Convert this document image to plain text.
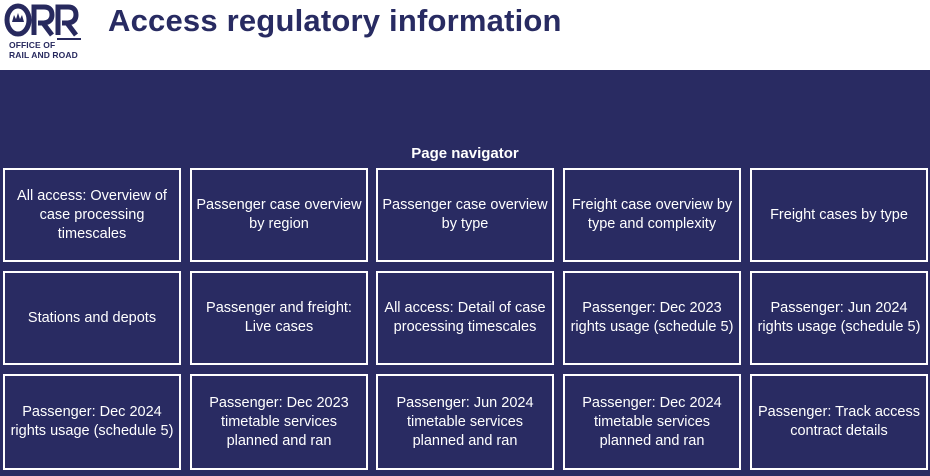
OFFICE OF
RAIL AND ROAD
Access regulatory information
Page navigator
All access: Overview of case processing timescales
Passenger case overview by region
Passenger case overview by type
Freight case overview by type and complexity
Freight cases by type
Stations and depots
Passenger and freight: Live cases
All access: Detail of case processing timescales
Passenger: Dec 2023 rights usage (schedule 5)
Passenger: Jun 2024 rights usage (schedule 5)
Passenger: Dec 2024 rights usage (schedule 5)
Passenger: Dec 2023 timetable services planned and ran
Passenger: Jun 2024 timetable services planned and ran
Passenger: Dec 2024 timetable services planned and ran
Passenger: Track access contract details
